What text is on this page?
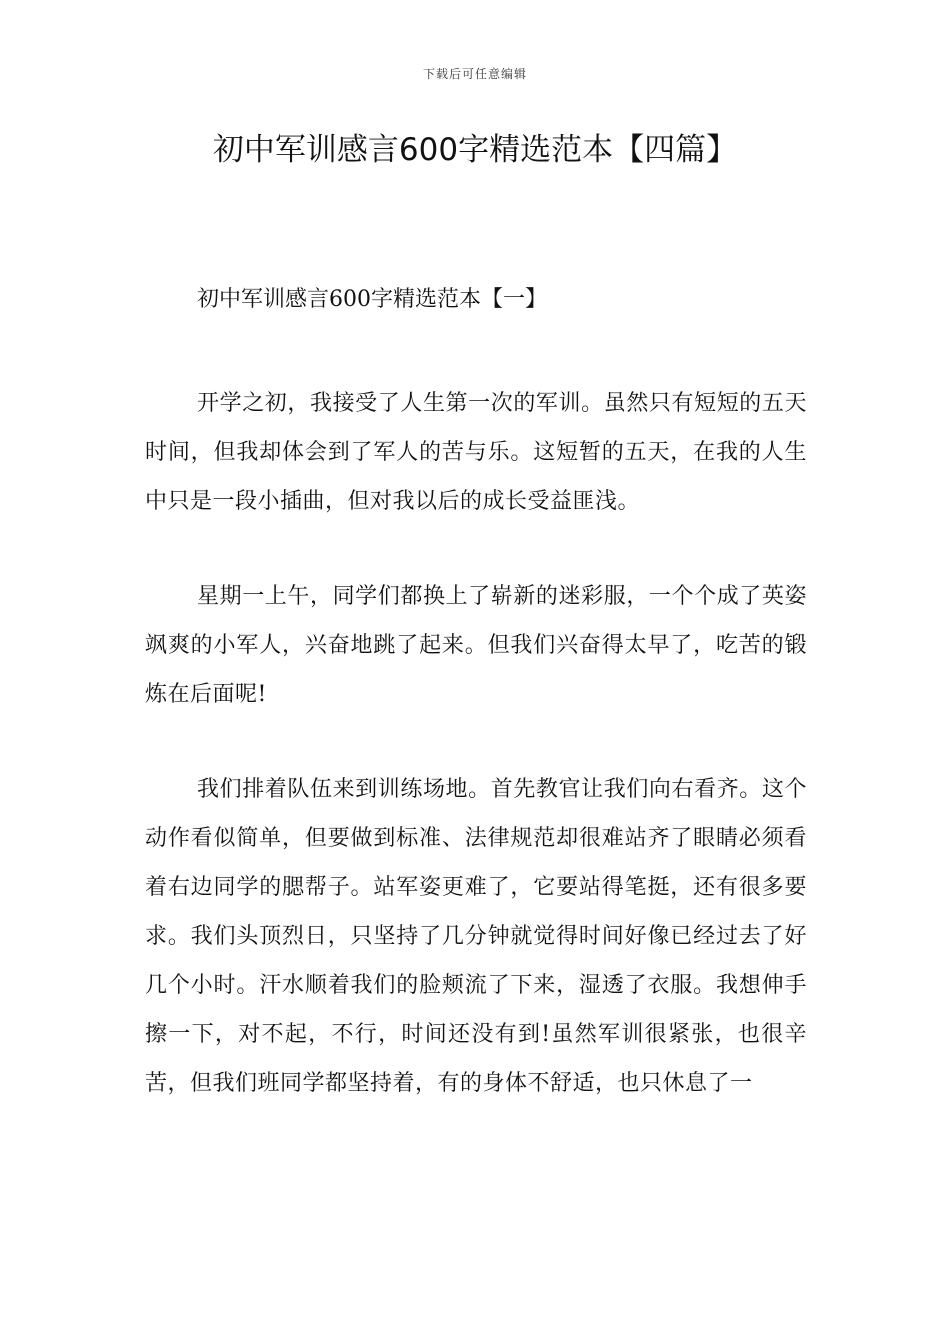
下载后可任意编辑
初中军训感言600字精选范本【四篇】

初中军训感言600字精选范本【一】

开学之初，我接受了人生第一次的军训。虽然只有短短的五天时间，但我却体会到了军人的苦与乐。这短暂的五天，在我的人生中只是一段小插曲，但对我以后的成长受益匪浅。

星期一上午，同学们都换上了崭新的迷彩服，一个个成了英姿飒爽的小军人，兴奋地跳了起来。但我们兴奋得太早了，吃苦的锻炼在后面呢!

我们排着队伍来到训练场地。首先教官让我们向右看齐。这个动作看似简单，但要做到标准、法律规范却很难站齐了眼睛必须看着右边同学的腮帮子。站军姿更难了，它要站得笔挺，还有很多要求。我们头顶烈日，只坚持了几分钟就觉得时间好像已经过去了好几个小时。汗水顺着我们的脸颊流了下来，湿透了衣服。我想伸手擦一下，对不起，不行，时间还没有到!虽然军训很紧张，也很辛苦，但我们班同学都坚持着，有的身体不舒适，也只休息了一
